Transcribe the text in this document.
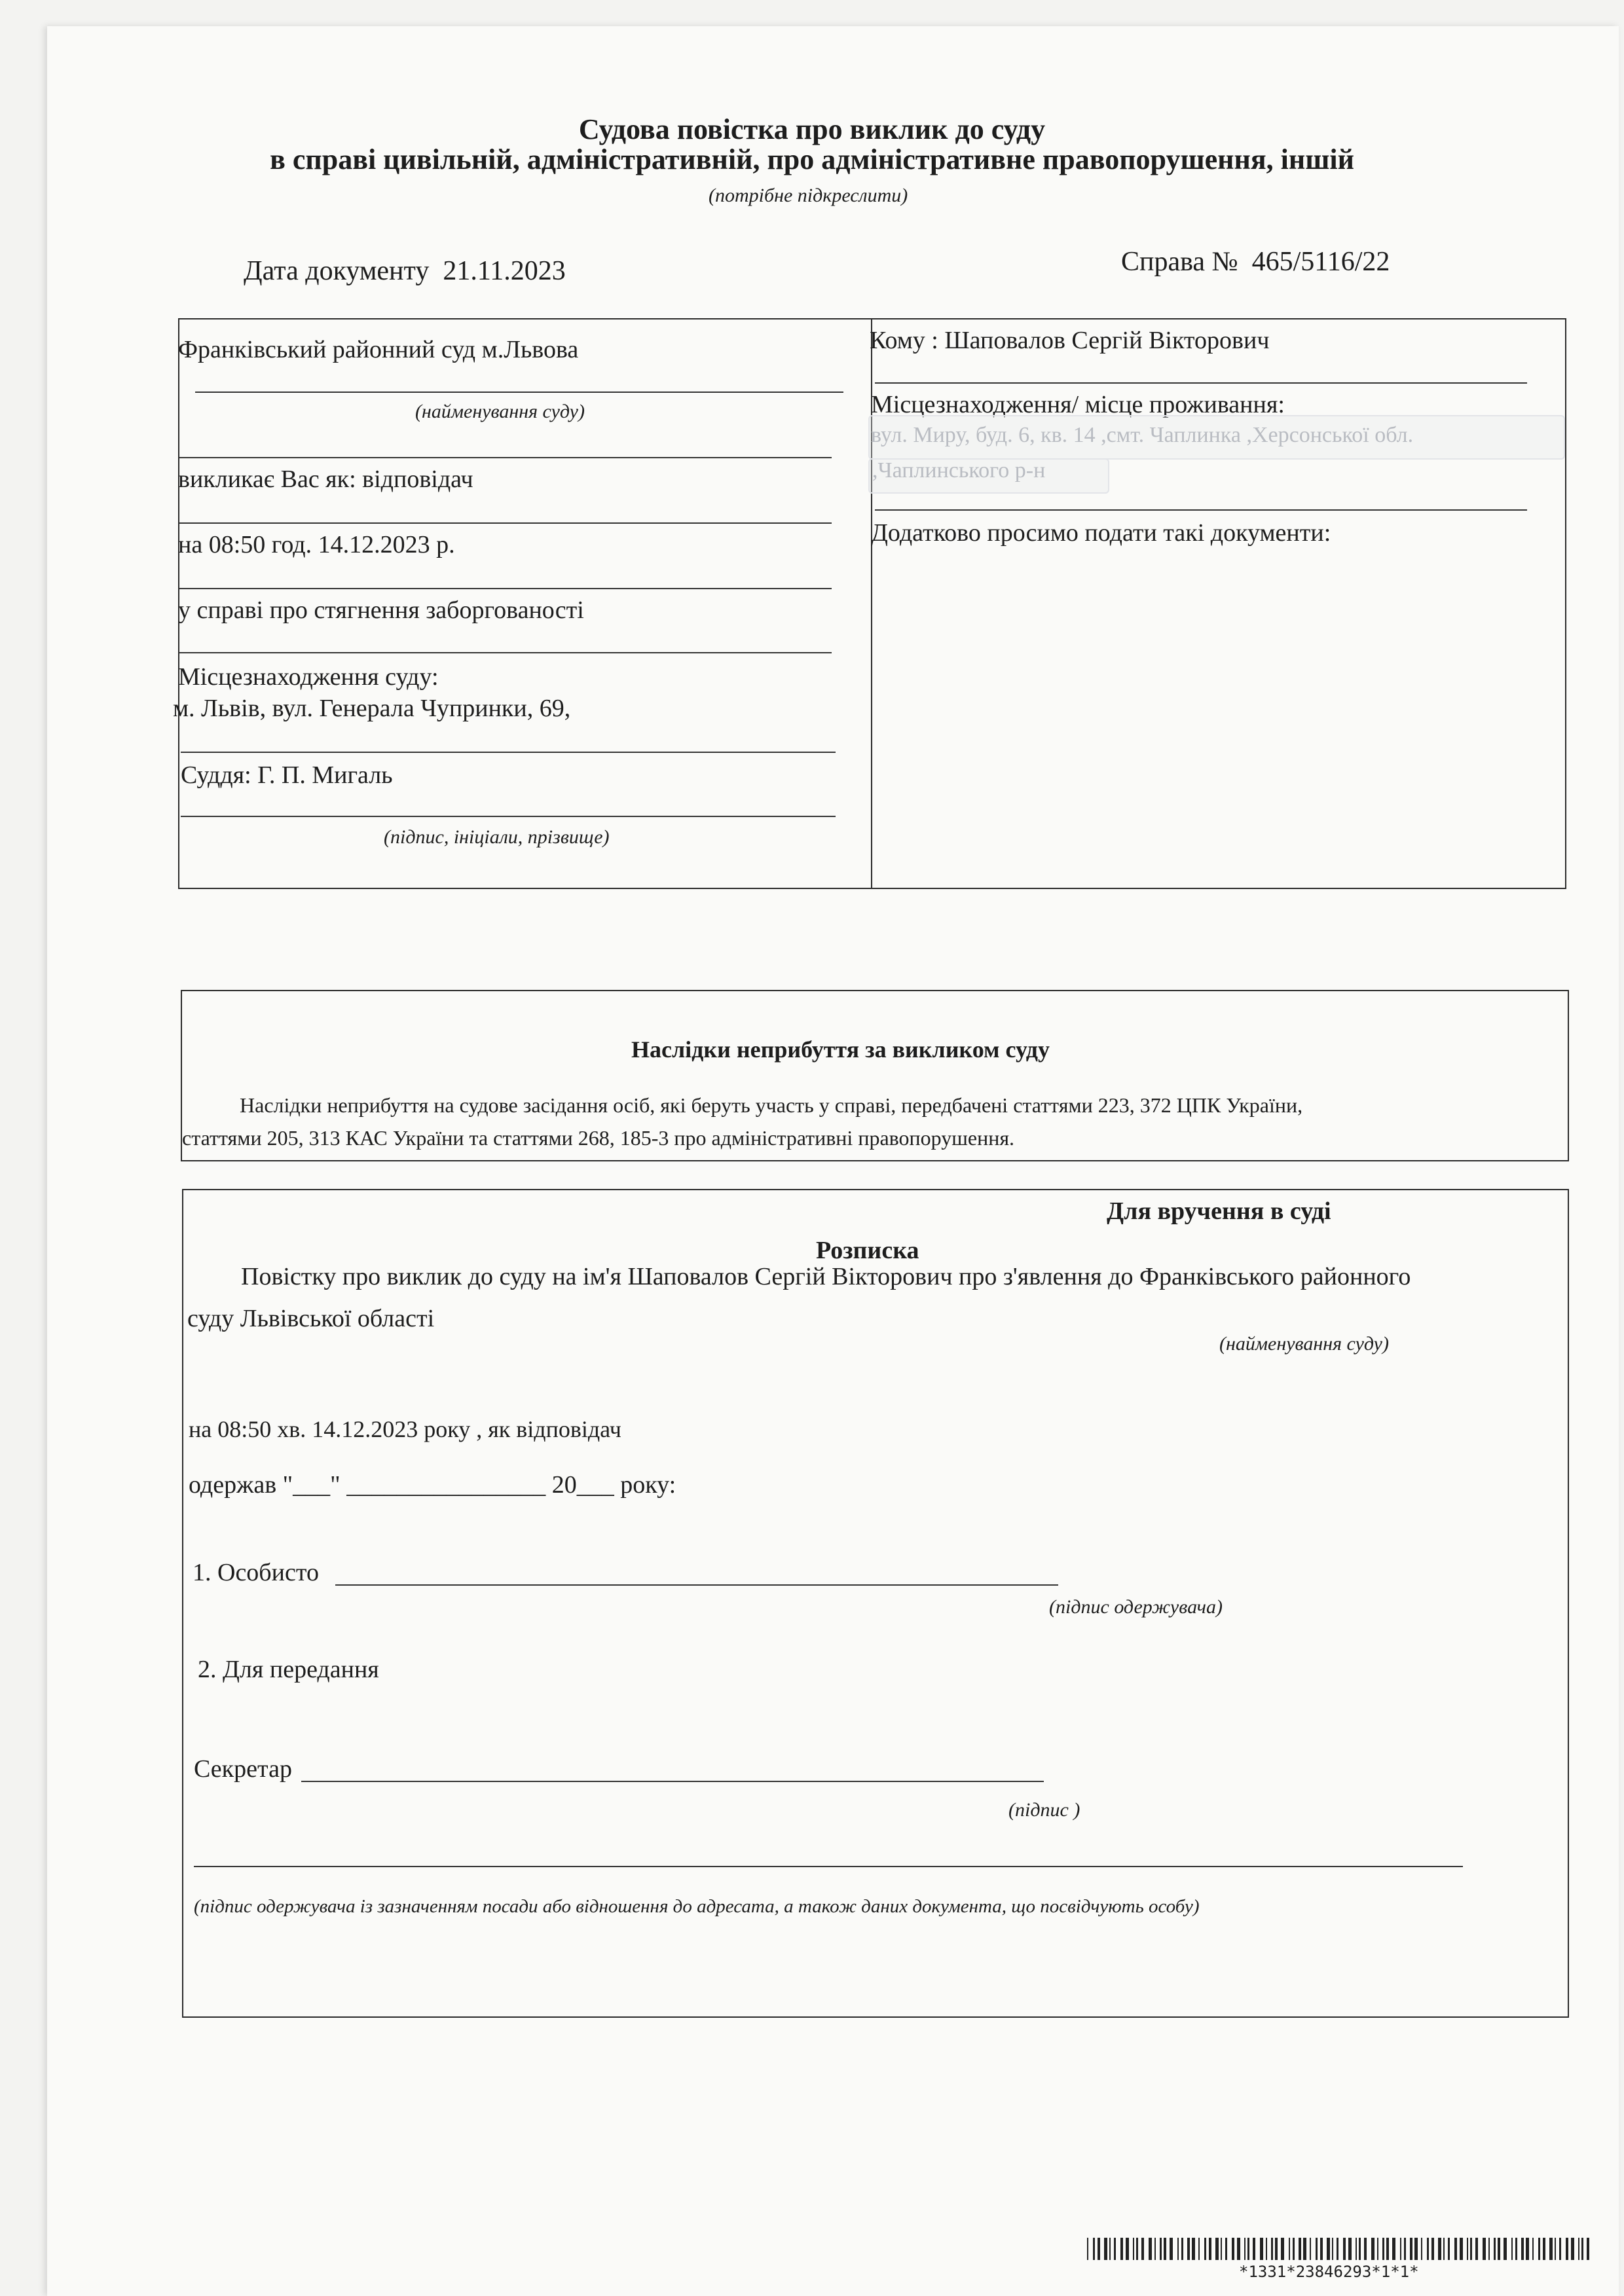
Судова повістка про виклик до суду
в справі цивільній, адміністративній, про адміністративне правопорушення, іншій
(потрібне підкреслити)
Дата документу 21.11.2023	Справа № 465/5116/22
Франківський районний суд м.Львова
(найменування суду)
викликає Вас як: відповідач
на 08:50 год. 14.12.2023 р.
у справі про стягнення заборгованості
Місцезнаходження суду:
м. Львів, вул. Генерала Чупринки, 69,
Суддя: Г. П. Мигаль
(підпис, ініціали, прізвище)
Кому : Шаповалов Сергій Вікторович
Місцезнаходження/ місце проживання:
вул. Миру, буд. 6, кв. 14 ,смт. Чаплинка ,Херсонської обл.
,Чаплинського р-н
Додатково просимо подати такі документи:
Наслідки неприбуття за викликом суду
Наслідки неприбуття на судове засідання осіб, які беруть участь у справі, передбачені статтями 223, 372 ЦПК України,
статтями 205, 313 КАС України та статтями 268, 185-3 про адміністративні правопорушення.
Для вручення в суді
Розписка
Повістку про виклик до суду на ім'я Шаповалов Сергій Вікторович про з'явлення до Франківського районного
суду Львівської області
(найменування суду)
на 08:50 хв. 14.12.2023 року , як відповідач
одержав "___" ________________ 20___ року:
1. Особисто
(підпис одержувача)
2. Для передання
Секретар
(підпис )
(підпис одержувача із зазначенням посади або відношення до адресата, а також даних документа, що посвідчують особу)
*1331*23846293*1*1*
